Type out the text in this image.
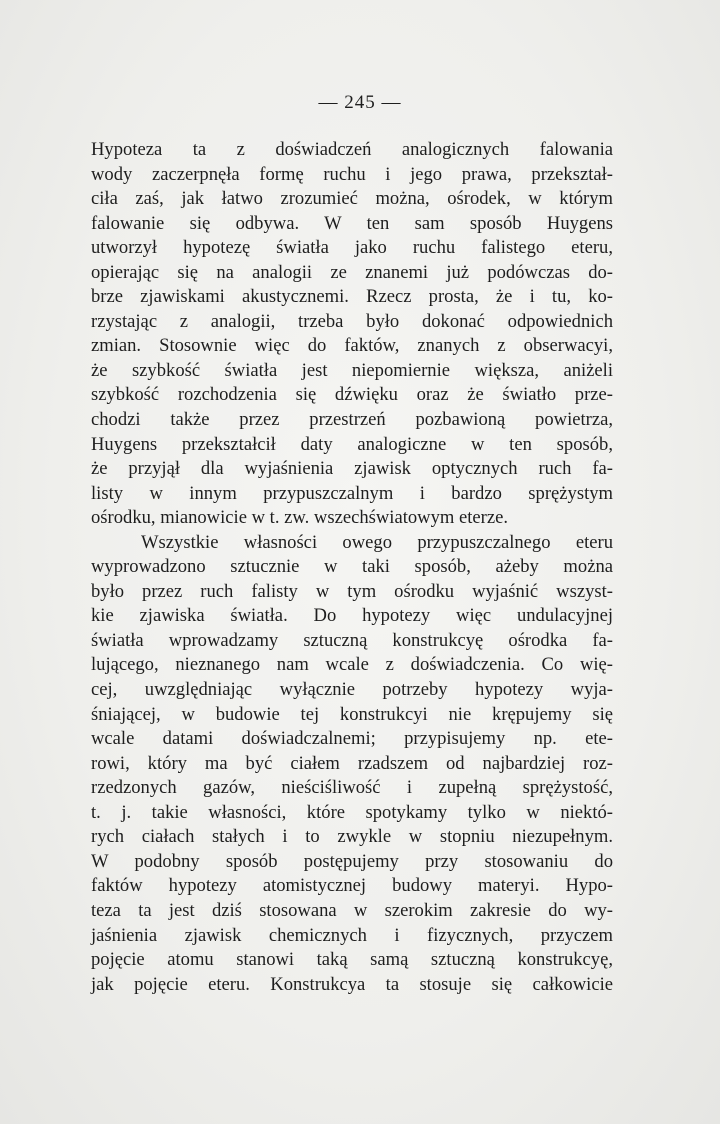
— 245 —
Hypoteza ta z doświadczeń analogicznych falowania
wody zaczerpnęła formę ruchu i jego prawa, przekształ-
ciła zaś, jak łatwo zrozumieć można, ośrodek, w którym
falowanie się odbywa. W ten sam sposób Huygens
utworzył hypotezę światła jako ruchu falistego eteru,
opierając się na analogii ze znanemi już podówczas do-
brze zjawiskami akustycznemi. Rzecz prosta, że i tu, ko-
rzystając z analogii, trzeba było dokonać odpowiednich
zmian. Stosownie więc do faktów, znanych z obserwacyi,
że szybkość światła jest niepomiernie większa, aniżeli
szybkość rozchodzenia się dźwięku oraz że światło prze-
chodzi także przez przestrzeń pozbawioną powietrza,
Huygens przekształcił daty analogiczne w ten sposób,
że przyjął dla wyjaśnienia zjawisk optycznych ruch fa-
listy w innym przypuszczalnym i bardzo sprężystym
ośrodku, mianowicie w t. zw. wszechświatowym eterze.
Wszystkie własności owego przypuszczalnego eteru
wyprowadzono sztucznie w taki sposób, ażeby można
było przez ruch falisty w tym ośrodku wyjaśnić wszyst-
kie zjawiska światła. Do hypotezy więc undulacyjnej
światła wprowadzamy sztuczną konstrukcyę ośrodka fa-
lującego, nieznanego nam wcale z doświadczenia. Co wię-
cej, uwzględniając wyłącznie potrzeby hypotezy wyja-
śniającej, w budowie tej konstrukcyi nie krępujemy się
wcale datami doświadczalnemi; przypisujemy np. ete-
rowi, który ma być ciałem rzadszem od najbardziej roz-
rzedzonych gazów, nieściśliwość i zupełną sprężystość,
t. j. takie własności, które spotykamy tylko w niektó-
rych ciałach stałych i to zwykle w stopniu niezupełnym.
W podobny sposób postępujemy przy stosowaniu do
faktów hypotezy atomistycznej budowy materyi. Hypo-
teza ta jest dziś stosowana w szerokim zakresie do wy-
jaśnienia zjawisk chemicznych i fizycznych, przyczem
pojęcie atomu stanowi taką samą sztuczną konstrukcyę,
jak pojęcie eteru. Konstrukcya ta stosuje się całkowicie
